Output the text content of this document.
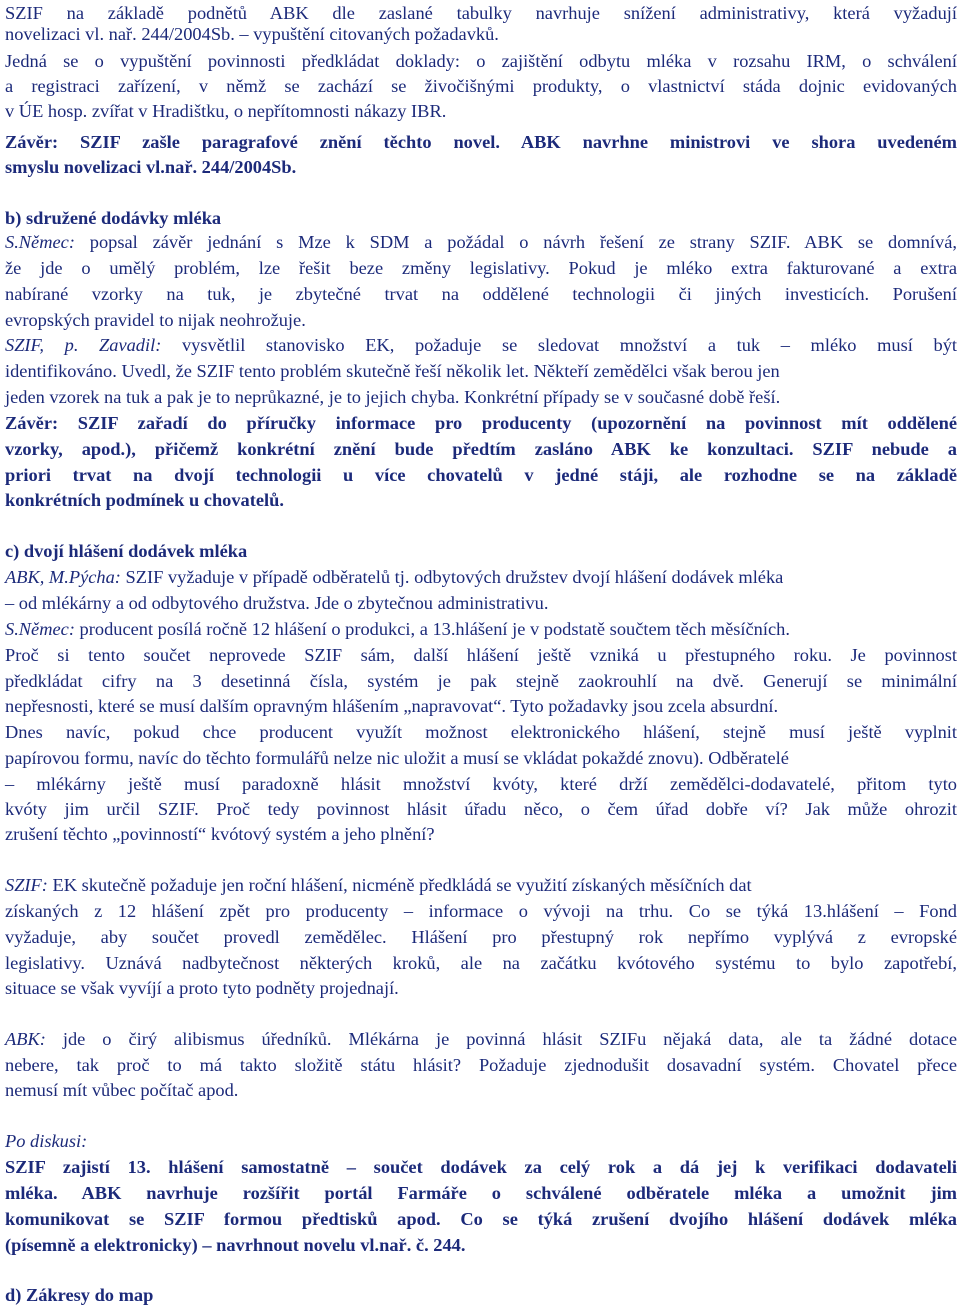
SZIF na základě podnětů ABK dle zaslané tabulky navrhuje snížení administrativy, která vyžadují
novelizaci vl. nař. 244/2004Sb. – vypuštění citovaných požadavků.
Jedná se o vypuštění povinnosti předkládat doklady: o zajištění odbytu mléka v rozsahu IRM, o schválení
a registraci zařízení, v němž se zachází se živočišnými produkty, o vlastnictví stáda dojnic evidovaných
v ÚE hosp. zvířat v Hradištku, o nepřítomnosti nákazy IBR.
Závěr: SZIF zašle paragrafové znění těchto novel. ABK navrhne ministrovi ve shora uvedeném
smyslu novelizaci vl.nař. 244/2004Sb.
b) sdružené dodávky mléka
S.Němec: popsal závěr jednání s Mze k SDM a požádal o návrh řešení ze strany SZIF. ABK se domnívá,
že jde o umělý problém, lze řešit beze změny legislativy. Pokud je mléko extra fakturované a extra
nabírané vzorky na tuk, je zbytečné trvat na oddělené technologii či jiných investicích. Porušení
evropských pravidel to nijak neohrožuje.
SZIF, p. Zavadil: vysvětlil stanovisko EK, požaduje se sledovat množství a tuk – mléko musí být
identifikováno. Uvedl, že SZIF tento problém skutečně řeší několik let. Někteří zemědělci však berou jen
jeden vzorek na tuk a pak je to neprůkazné, je to jejich chyba. Konkrétní případy se v současné době řeší.
Závěr: SZIF zařadí do příručky informace pro producenty (upozornění na povinnost mít oddělené
vzorky, apod.), přičemž konkrétní znění bude předtím zasláno ABK ke konzultaci. SZIF nebude a
priori trvat na dvojí technologii u více chovatelů v jedné stáji, ale rozhodne se na základě
konkrétních podmínek u chovatelů.
c) dvojí hlášení dodávek mléka
ABK, M.Pýcha: SZIF vyžaduje v případě odběratelů tj. odbytových družstev dvojí hlášení dodávek mléka
– od mlékárny a od odbytového družstva. Jde o zbytečnou administrativu.
S.Němec: producent posílá ročně 12 hlášení o produkci, a 13.hlášení je v podstatě součtem těch měsíčních.
Proč si tento součet neprovede SZIF sám, další hlášení ještě vzniká u přestupného roku. Je povinnost
předkládat cifry na 3 desetinná čísla, systém je pak stejně zaokrouhlí na dvě. Generují se minimální
nepřesnosti, které se musí dalším opravným hlášením „napravovat“. Tyto požadavky jsou zcela absurdní.
Dnes navíc, pokud chce producent využít možnost elektronického hlášení, stejně musí ještě vyplnit
papírovou formu, navíc do těchto formulářů nelze nic uložit a musí se vkládat pokaždé znovu). Odběratelé
– mlékárny ještě musí paradoxně hlásit množství kvóty, které drží zemědělci-dodavatelé, přitom tyto
kvóty jim určil SZIF. Proč tedy povinnost hlásit úřadu něco, o čem úřad dobře ví? Jak může ohrozit
zrušení těchto „povinností“ kvótový systém a jeho plnění?
SZIF: EK skutečně požaduje jen roční hlášení, nicméně předkládá se využití získaných měsíčních dat
získaných z 12 hlášení zpět pro producenty – informace o vývoji na trhu. Co se týká 13.hlášení – Fond
vyžaduje, aby součet provedl zemědělec. Hlášení pro přestupný rok nepřímo vyplývá z evropské
legislativy. Uznává nadbytečnost některých kroků, ale na začátku kvótového systému to bylo zapotřebí,
situace se však vyvíjí a proto tyto podněty projednají.
ABK: jde o čirý alibismus úředníků. Mlékárna je povinná hlásit SZIFu nějaká data, ale ta žádné dotace
nebere, tak proč to má takto složitě státu hlásit? Požaduje zjednodušit dosavadní systém. Chovatel přece
nemusí mít vůbec počítač apod.
Po diskusi:
SZIF zajistí 13. hlášení samostatně – součet dodávek za celý rok a dá jej k verifikaci dodavateli
mléka. ABK navrhuje rozšířit portál Farmáře o schválené odběratele mléka a umožnit jim
komunikovat se SZIF formou předtisků apod. Co se týká zrušení dvojího hlášení dodávek mléka
(písemně a elektronicky) – navrhnout novelu vl.nař. č. 244.
d) Zákresy do map
